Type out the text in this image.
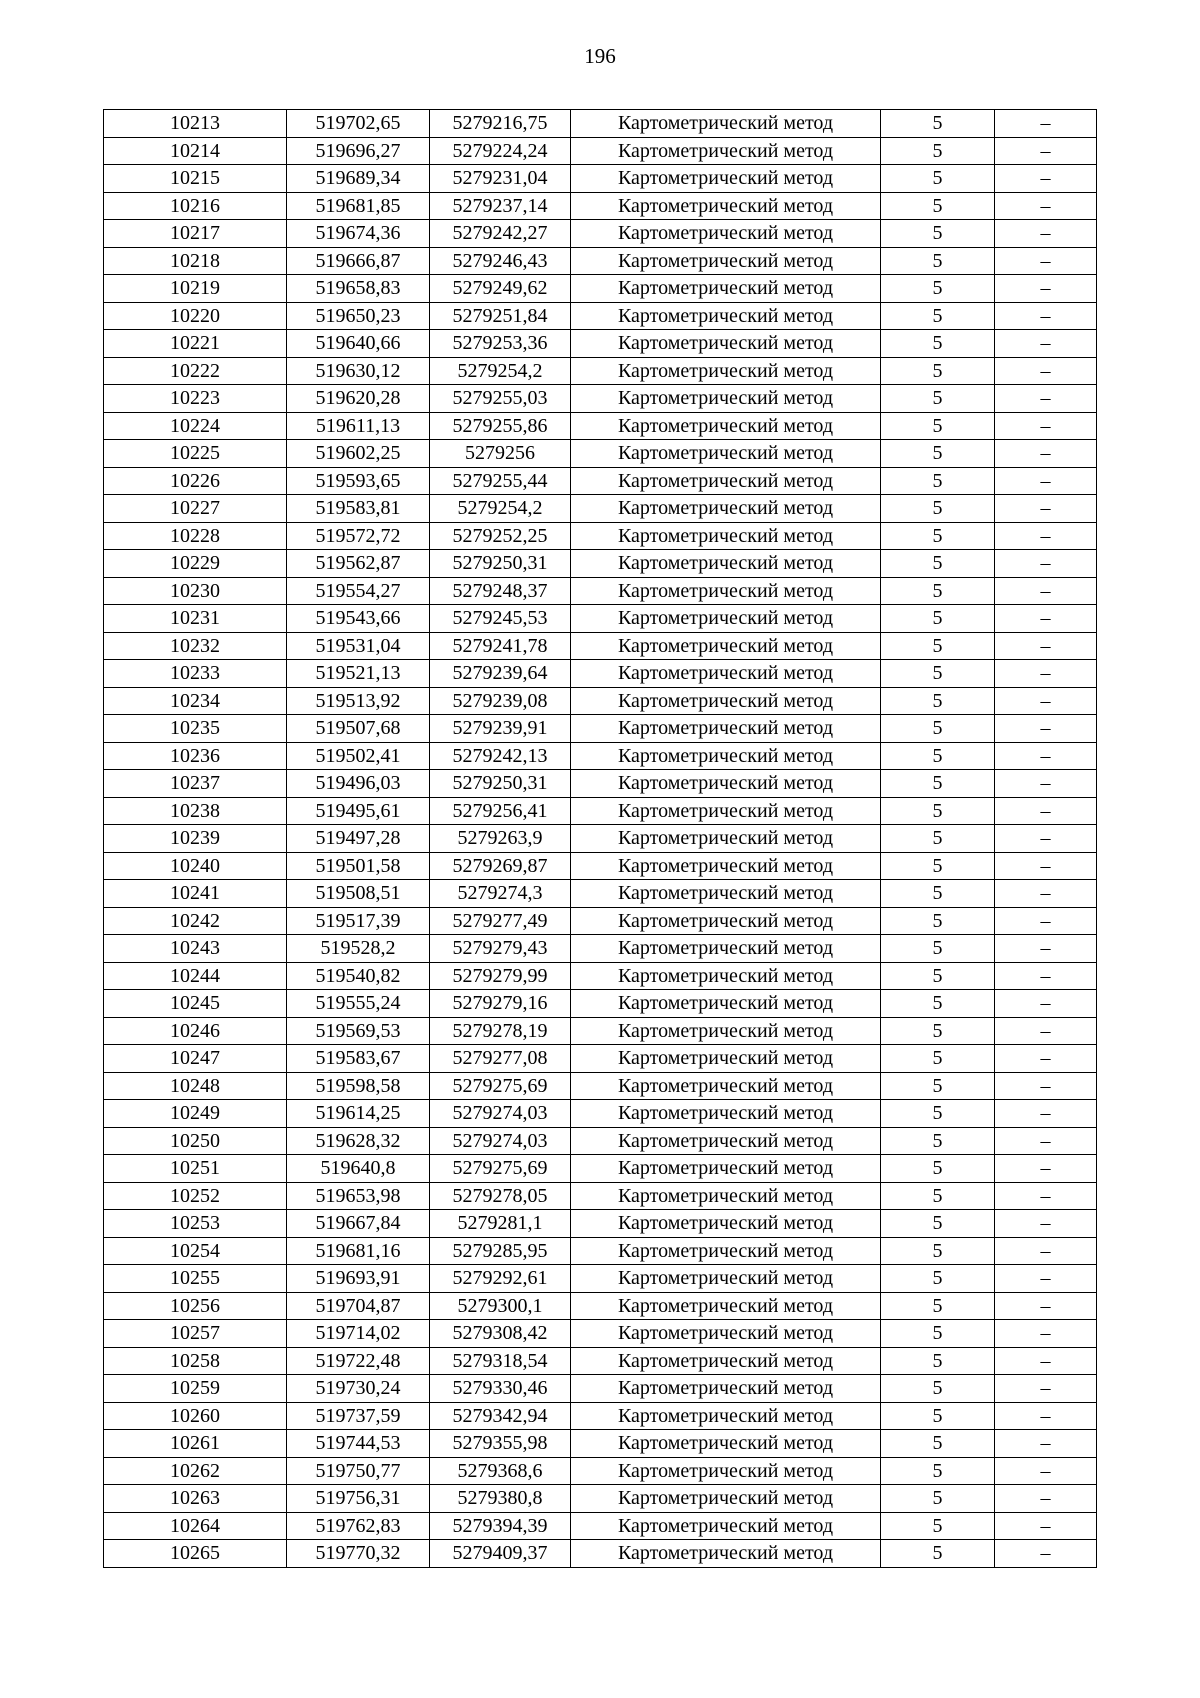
196
10213	519702,65	5279216,75	Картометрический метод	5	–
10214	519696,27	5279224,24	Картометрический метод	5	–
10215	519689,34	5279231,04	Картометрический метод	5	–
10216	519681,85	5279237,14	Картометрический метод	5	–
10217	519674,36	5279242,27	Картометрический метод	5	–
10218	519666,87	5279246,43	Картометрический метод	5	–
10219	519658,83	5279249,62	Картометрический метод	5	–
10220	519650,23	5279251,84	Картометрический метод	5	–
10221	519640,66	5279253,36	Картометрический метод	5	–
10222	519630,12	5279254,2	Картометрический метод	5	–
10223	519620,28	5279255,03	Картометрический метод	5	–
10224	519611,13	5279255,86	Картометрический метод	5	–
10225	519602,25	5279256	Картометрический метод	5	–
10226	519593,65	5279255,44	Картометрический метод	5	–
10227	519583,81	5279254,2	Картометрический метод	5	–
10228	519572,72	5279252,25	Картометрический метод	5	–
10229	519562,87	5279250,31	Картометрический метод	5	–
10230	519554,27	5279248,37	Картометрический метод	5	–
10231	519543,66	5279245,53	Картометрический метод	5	–
10232	519531,04	5279241,78	Картометрический метод	5	–
10233	519521,13	5279239,64	Картометрический метод	5	–
10234	519513,92	5279239,08	Картометрический метод	5	–
10235	519507,68	5279239,91	Картометрический метод	5	–
10236	519502,41	5279242,13	Картометрический метод	5	–
10237	519496,03	5279250,31	Картометрический метод	5	–
10238	519495,61	5279256,41	Картометрический метод	5	–
10239	519497,28	5279263,9	Картометрический метод	5	–
10240	519501,58	5279269,87	Картометрический метод	5	–
10241	519508,51	5279274,3	Картометрический метод	5	–
10242	519517,39	5279277,49	Картометрический метод	5	–
10243	519528,2	5279279,43	Картометрический метод	5	–
10244	519540,82	5279279,99	Картометрический метод	5	–
10245	519555,24	5279279,16	Картометрический метод	5	–
10246	519569,53	5279278,19	Картометрический метод	5	–
10247	519583,67	5279277,08	Картометрический метод	5	–
10248	519598,58	5279275,69	Картометрический метод	5	–
10249	519614,25	5279274,03	Картометрический метод	5	–
10250	519628,32	5279274,03	Картометрический метод	5	–
10251	519640,8	5279275,69	Картометрический метод	5	–
10252	519653,98	5279278,05	Картометрический метод	5	–
10253	519667,84	5279281,1	Картометрический метод	5	–
10254	519681,16	5279285,95	Картометрический метод	5	–
10255	519693,91	5279292,61	Картометрический метод	5	–
10256	519704,87	5279300,1	Картометрический метод	5	–
10257	519714,02	5279308,42	Картометрический метод	5	–
10258	519722,48	5279318,54	Картометрический метод	5	–
10259	519730,24	5279330,46	Картометрический метод	5	–
10260	519737,59	5279342,94	Картометрический метод	5	–
10261	519744,53	5279355,98	Картометрический метод	5	–
10262	519750,77	5279368,6	Картометрический метод	5	–
10263	519756,31	5279380,8	Картометрический метод	5	–
10264	519762,83	5279394,39	Картометрический метод	5	–
10265	519770,32	5279409,37	Картометрический метод	5	–
